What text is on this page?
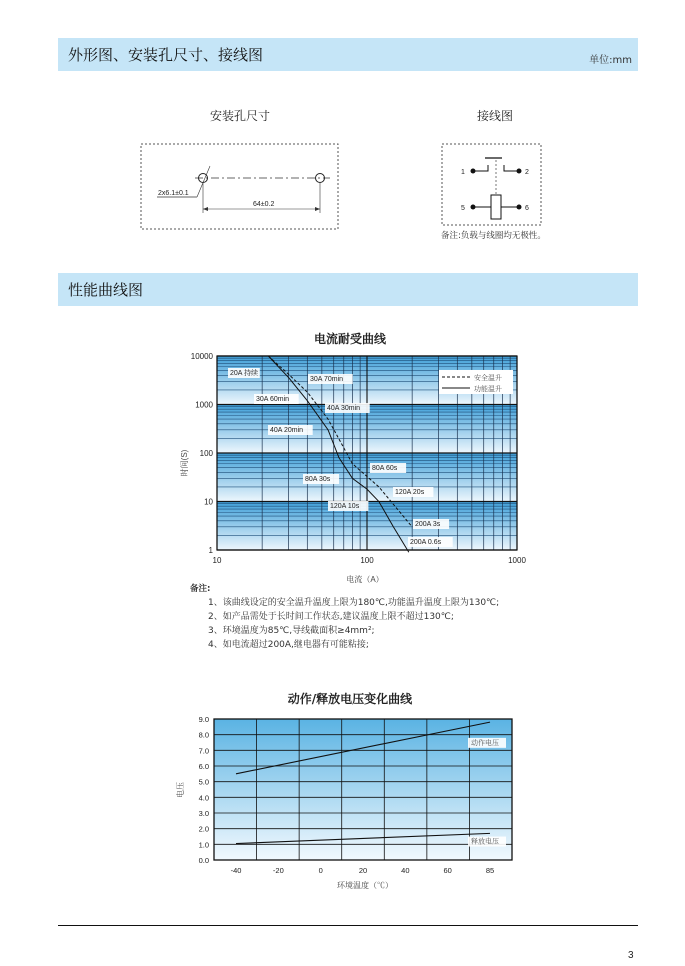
外形图、安装孔尺寸、接线图	单位:mm
安装孔尺寸
2x6.1±0.1
64±0.2
接线图
1	2
5	6
备注:负载与线圈均无极性。
性能曲线图
电流耐受曲线
1
10
100
1000
10000
10	100	1000
安全温升
功能温升
20A 持续
30A 70min
30A 60min
40A 30min
40A 20min
80A 60s
80A 30s
120A 20s
120A 10s
200A 3s
200A 0.6s
时间(S)
电流（A）
备注:
1、该曲线设定的安全温升温度上限为180℃,功能温升温度上限为130℃;
2、如产品需处于长时间工作状态,建议温度上限不超过130℃;
3、环境温度为85℃,导线截面积≥4mm²;
4、如电流超过200A,继电器有可能粘接;
动作/释放电压变化曲线
0.0
1.0
2.0
3.0
4.0
5.0
6.0
7.0
8.0
9.0
-40	-20	0	20	40	60	85
动作电压
释放电压
电压
环境温度（℃）
3
